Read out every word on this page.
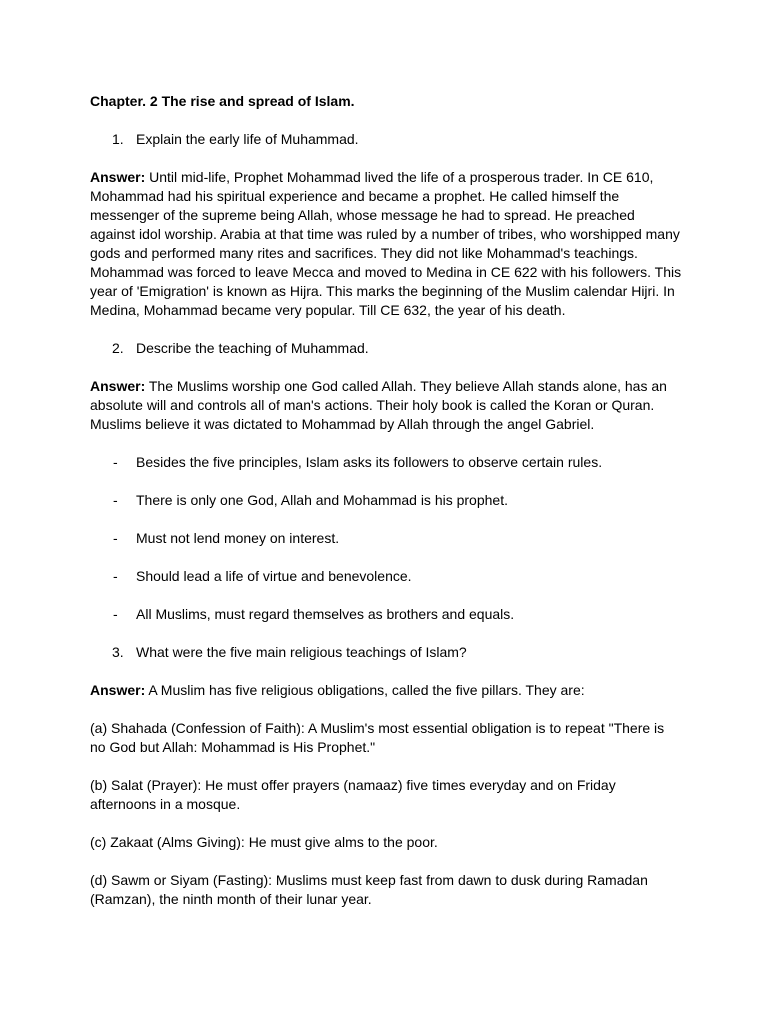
Chapter. 2 The rise and spread of Islam.
1. Explain the early life of Muhammad.

Answer: Until mid-life, Prophet Mohammad lived the life of a prosperous trader. In CE 610, Mohammad had his spiritual experience and became a prophet. He called himself the messenger of the supreme being Allah, whose message he had to spread. He preached against idol worship. Arabia at that time was ruled by a number of tribes, who worshipped many gods and performed many rites and sacrifices. They did not like Mohammad's teachings. Mohammad was forced to leave Mecca and moved to Medina in CE 622 with his followers. This year of 'Emigration' is known as Hijra. This marks the beginning of the Muslim calendar Hijri. In Medina, Mohammad became very popular. Till CE 632, the year of his death.

2. Describe the teaching of Muhammad.

Answer: The Muslims worship one God called Allah. They believe Allah stands alone, has an absolute will and controls all of man's actions. Their holy book is called the Koran or Quran. Muslims believe it was dictated to Mohammad by Allah through the angel Gabriel.

- Besides the five principles, Islam asks its followers to observe certain rules.
- There is only one God, Allah and Mohammad is his prophet.
- Must not lend money on interest.
- Should lead a life of virtue and benevolence.
- All Muslims, must regard themselves as brothers and equals.
3. What were the five main religious teachings of Islam?

Answer: A Muslim has five religious obligations, called the five pillars. They are:

(a) Shahada (Confession of Faith): A Muslim's most essential obligation is to repeat "There is no God but Allah: Mohammad is His Prophet."

(b) Salat (Prayer): He must offer prayers (namaaz) five times everyday and on Friday afternoons in a mosque.

(c) Zakaat (Alms Giving): He must give alms to the poor.

(d) Sawm or Siyam (Fasting): Muslims must keep fast from dawn to dusk during Ramadan (Ramzan), the ninth month of their lunar year.
